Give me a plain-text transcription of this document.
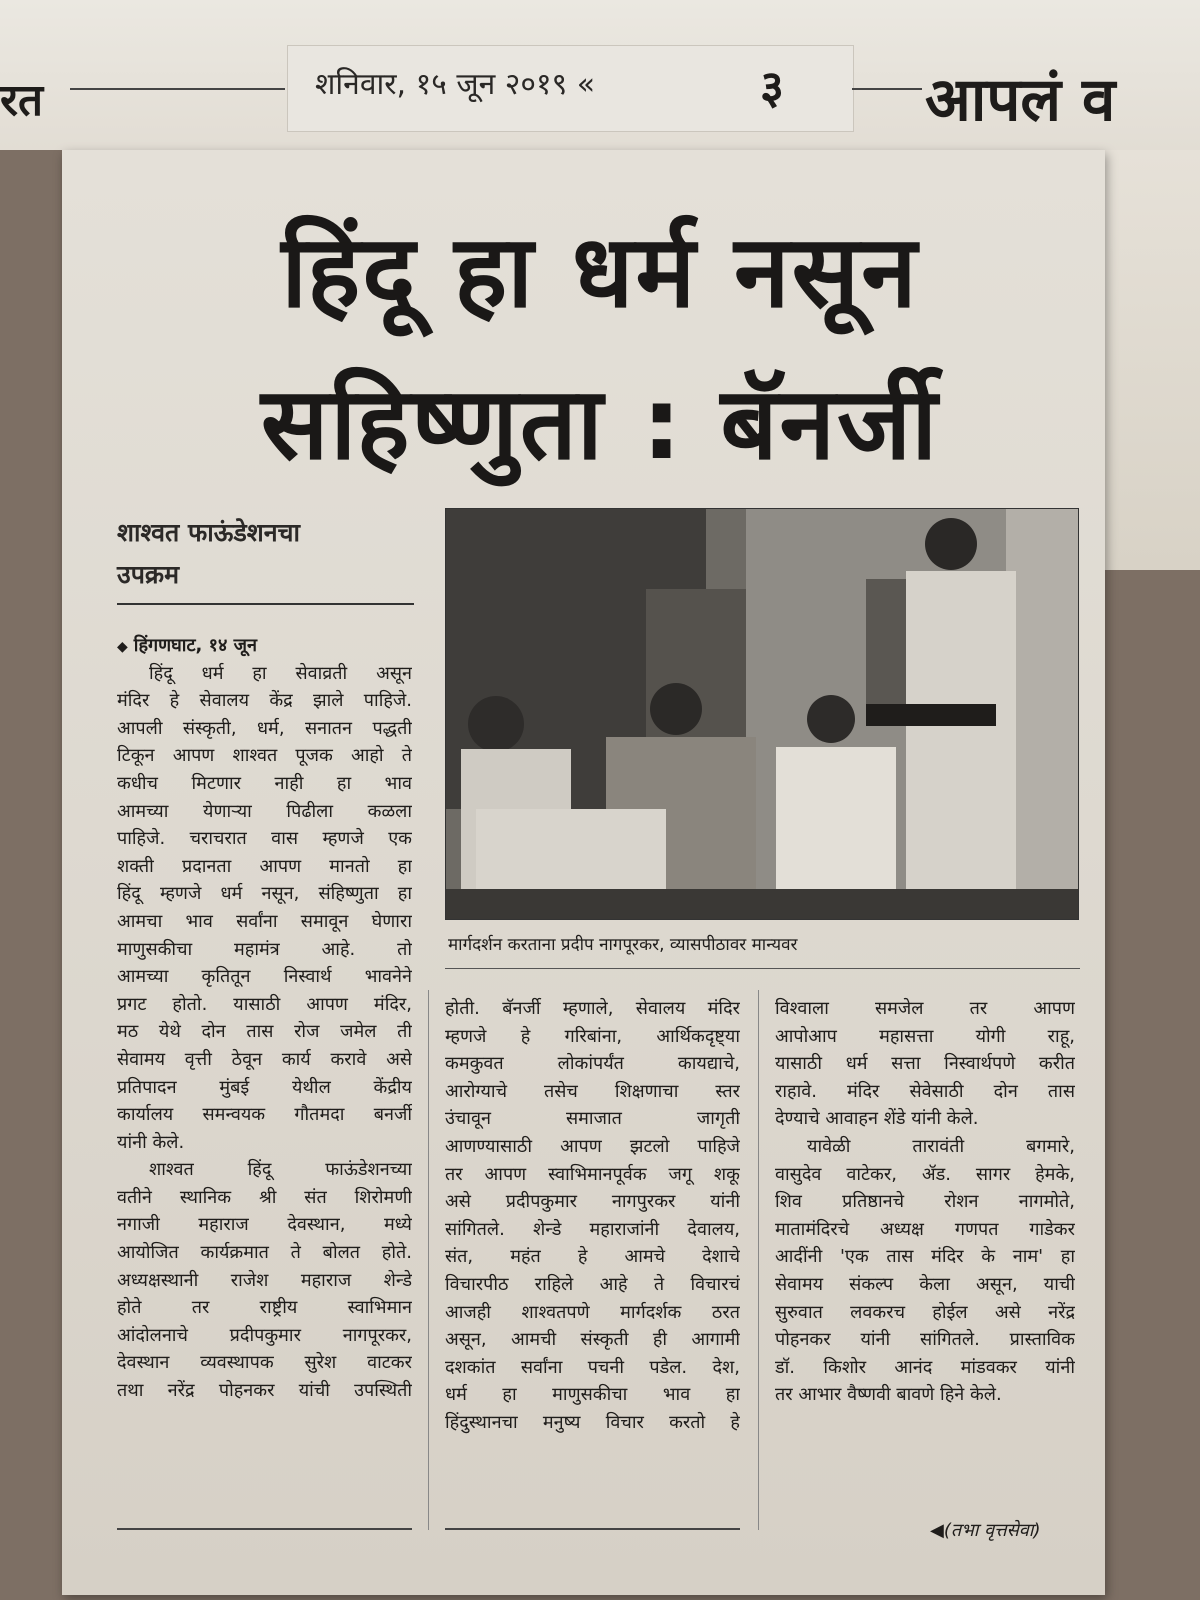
रत	शनिवार, १५ जून २०१९ «	३ आपलं व
हिंदू हा धर्म नसून
सहिष्णुता : बॅनर्जी
शाश्वत फाऊंडेशनचा
उपक्रम
मार्गदर्शन करताना प्रदीप नागपूरकर, व्यासपीठावर मान्यवर
◆ हिंगणघाट, १४ जून
हिंदू धर्म हा सेवाव्रती असून
मंदिर हे सेवालय केंद्र झाले पाहिजे.
आपली संस्कृती, धर्म, सनातन पद्धती
टिकून आपण शाश्वत पूजक आहो ते
कधीच मिटणार नाही हा भाव
आमच्या येणाऱ्या पिढीला कळला
पाहिजे. चराचरात वास म्हणजे एक
शक्ती प्रदानता आपण मानतो हा
हिंदू म्हणजे धर्म नसून, संहिष्णुता हा
आमचा भाव सर्वांना समावून घेणारा
माणुसकीचा महामंत्र आहे. तो
आमच्या कृतितून निस्वार्थ भावनेने
प्रगट होतो. यासाठी आपण मंदिर,
मठ येथे दोन तास रोज जमेल ती
सेवामय वृत्ती ठेवून कार्य करावे असे
प्रतिपादन मुंबई येथील केंद्रीय
कार्यालय समन्वयक गौतमदा बनर्जी
यांनी केले.
शाश्वत हिंदू फाऊंडेशनच्या
वतीने स्थानिक श्री संत शिरोमणी
नगाजी महाराज देवस्थान, मध्ये
आयोजित कार्यक्रमात ते बोलत होते.
अध्यक्षस्थानी राजेश महाराज शेन्डे
होते तर राष्ट्रीय स्वाभिमान
आंदोलनाचे प्रदीपकुमार नागपूरकर,
देवस्थान व्यवस्थापक सुरेश वाटकर
तथा नरेंद्र पोहनकर यांची उपस्थिती
होती. बॅनर्जी म्हणाले, सेवालय मंदिर
म्हणजे हे गरिबांना, आर्थिकदृष्ट्या
कमकुवत लोकांपर्यंत कायद्याचे,
आरोग्याचे तसेच शिक्षणाचा स्तर
उंचावून समाजात जागृती
आणण्यासाठी आपण झटलो पाहिजे
तर आपण स्वाभिमानपूर्वक जगू शकू
असे प्रदीपकुमार नागपुरकर यांनी
सांगितले. शेन्डे महाराजांनी देवालय,
संत, महंत हे आमचे देशाचे
विचारपीठ राहिले आहे ते विचारचं
आजही शाश्वतपणे मार्गदर्शक ठरत
असून, आमची संस्कृती ही आगामी
दशकांत सर्वांना पचनी पडेल. देश,
धर्म हा माणुसकीचा भाव हा
हिंदुस्थानचा मनुष्य विचार करतो हे
विश्वाला समजेल तर आपण
आपोआप महासत्ता योगी राहू,
यासाठी धर्म सत्ता निस्वार्थपणे करीत
राहावे. मंदिर सेवेसाठी दोन तास
देण्याचे आवाहन शेंडे यांनी केले.
यावेळी तारावंती बगमारे,
वासुदेव वाटेकर, ॲड. सागर हेमके,
शिव प्रतिष्ठानचे रोशन नागमोते,
मातामंदिरचे अध्यक्ष गणपत गाडेकर
आदींनी 'एक तास मंदिर के नाम' हा
सेवामय संकल्प केला असून, याची
सुरुवात लवकरच होईल असे नरेंद्र
पोहनकर यांनी सांगितले. प्रास्ताविक
डॉ. किशोर आनंद मांडवकर यांनी
तर आभार वैष्णवी बावणे हिने केले.
◀(तभा वृत्तसेवा)
